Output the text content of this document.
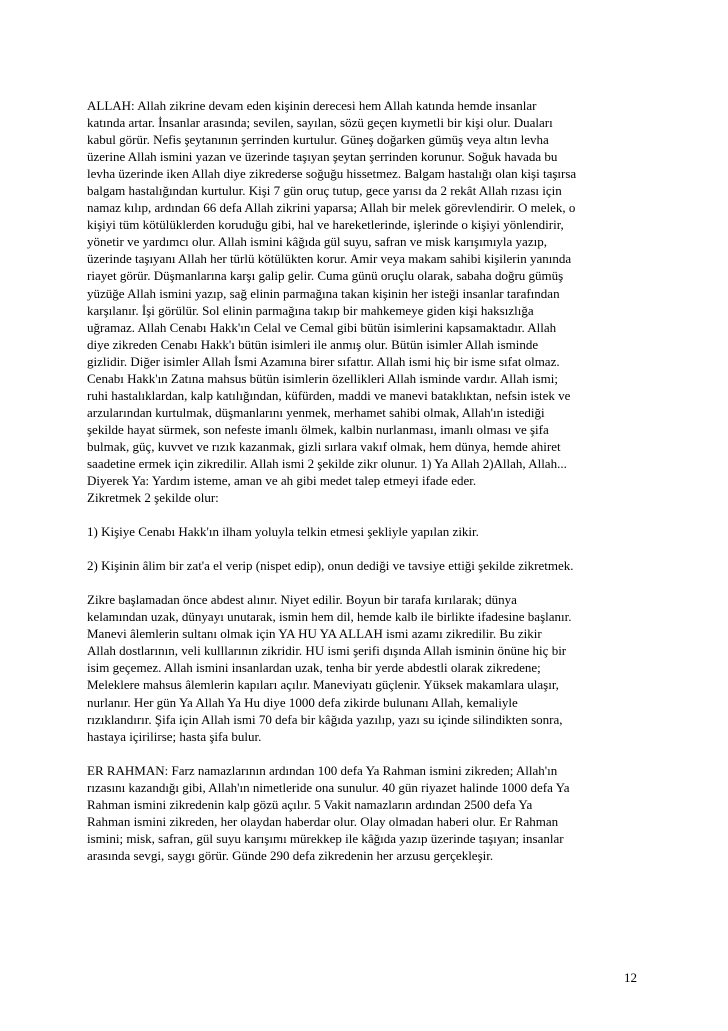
ALLAH: Allah zikrine devam eden kişinin derecesi hem Allah katında hemde insanlar
katında artar. İnsanlar arasında; sevilen, sayılan, sözü geçen kıymetli bir kişi olur. Duaları
kabul görür. Nefis şeytanının şerrinden kurtulur. Güneş doğarken gümüş veya altın levha
üzerine Allah ismini yazan ve üzerinde taşıyan şeytan şerrinden korunur. Soğuk havada bu
levha üzerinde iken Allah diye zikrederse soğuğu hissetmez. Balgam hastalığı olan kişi taşırsa
balgam hastalığından kurtulur. Kişi 7 gün oruç tutup, gece yarısı da 2 rekât Allah rızası için
namaz kılıp, ardından 66 defa Allah zikrini yaparsa; Allah bir melek görevlendirir. O melek, o
kişiyi tüm kötülüklerden koruduğu gibi, hal ve hareketlerinde, işlerinde o kişiyi yönlendirir,
yönetir ve yardımcı olur. Allah ismini kâğıda gül suyu, safran ve misk karışımıyla yazıp,
üzerinde taşıyanı Allah her türlü kötülükten korur. Amir veya makam sahibi kişilerin yanında
riayet görür. Düşmanlarına karşı galip gelir. Cuma günü oruçlu olarak, sabaha doğru gümüş
yüzüğe Allah ismini yazıp, sağ elinin parmağına takan kişinin her isteği insanlar tarafından
karşılanır. İşi görülür. Sol elinin parmağına takıp bir mahkemeye giden kişi haksızlığa
uğramaz. Allah Cenabı Hakk'ın Celal ve Cemal gibi bütün isimlerini kapsamaktadır. Allah
diye zikreden Cenabı Hakk'ı bütün isimleri ile anmış olur. Bütün isimler Allah isminde
gizlidir. Diğer isimler Allah İsmi Azamına birer sıfattır. Allah ismi hiç bir isme sıfat olmaz.
Cenabı Hakk'ın Zatına mahsus bütün isimlerin özellikleri Allah isminde vardır. Allah ismi;
ruhi hastalıklardan, kalp katılığından, küfürden, maddi ve manevi bataklıktan, nefsin istek ve
arzularından kurtulmak, düşmanlarını yenmek, merhamet sahibi olmak, Allah'ın istediği
şekilde hayat sürmek, son nefeste imanlı ölmek, kalbin nurlanması, imanlı olması ve şifa
bulmak, güç, kuvvet ve rızık kazanmak, gizli sırlara vakıf olmak, hem dünya, hemde ahiret
saadetine ermek için zikredilir. Allah ismi 2 şekilde zikr olunur. 1) Ya Allah 2)Allah, Allah...
Diyerek Ya: Yardım isteme, aman ve ah gibi medet talep etmeyi ifade eder.
Zikretmek 2 şekilde olur:

1) Kişiye Cenabı Hakk'ın ilham yoluyla telkin etmesi şekliyle yapılan zikir.

2) Kişinin âlim bir zat'a el verip (nispet edip), onun dediği ve tavsiye ettiği şekilde zikretmek.

Zikre başlamadan önce abdest alınır. Niyet edilir. Boyun bir tarafa kırılarak; dünya
kelamından uzak, dünyayı unutarak, ismin hem dil, hemde kalb ile birlikte ifadesine başlanır.
Manevi âlemlerin sultanı olmak için YA HU YA ALLAH ismi azamı zikredilir. Bu zikir
Allah dostlarının, veli kulllarının zikridir. HU ismi şerifi dışında Allah isminin önüne hiç bir
isim geçemez. Allah ismini insanlardan uzak, tenha bir yerde abdestli olarak zikredene;
Meleklere mahsus âlemlerin kapıları açılır. Maneviyatı güçlenir. Yüksek makamlara ulaşır,
nurlanır. Her gün Ya Allah Ya Hu diye 1000 defa zikirde bulunanı Allah, kemaliyle
rızıklandırır. Şifa için Allah ismi 70 defa bir kâğıda yazılıp, yazı su içinde silindikten sonra,
hastaya içirilirse; hasta şifa bulur.

ER RAHMAN: Farz namazlarının ardından 100 defa Ya Rahman ismini zikreden; Allah'ın
rızasını kazandığı gibi, Allah'ın nimetleride ona sunulur. 40 gün riyazet halinde 1000 defa Ya
Rahman ismini zikredenin kalp gözü açılır. 5 Vakit namazların ardından 2500 defa Ya
Rahman ismini zikreden, her olaydan haberdar olur. Olay olmadan haberi olur. Er Rahman
ismini; misk, safran, gül suyu karışımı mürekkep ile kâğıda yazıp üzerinde taşıyan; insanlar
arasında sevgi, saygı görür. Günde 290 defa zikredenin her arzusu gerçekleşir.

12
